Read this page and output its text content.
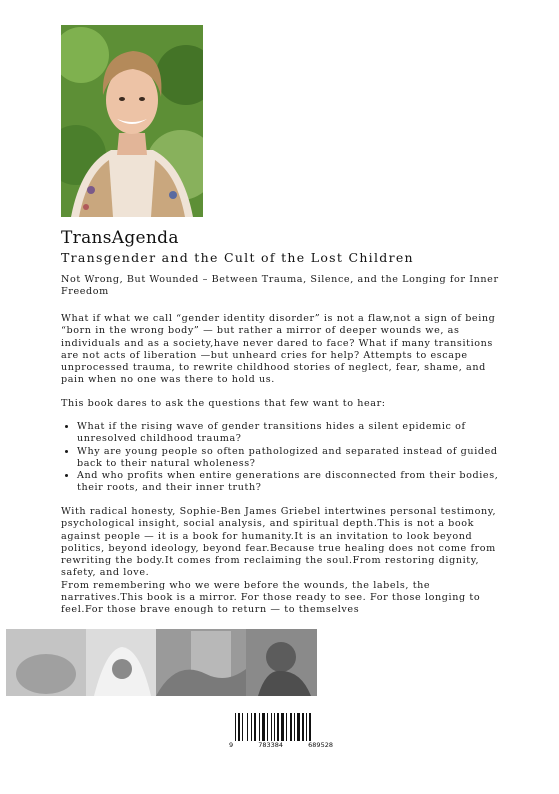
TransAgenda
Transgender and the Cult of the Lost Children
Not Wrong, But Wounded – Between Trauma, Silence, and the Longing for Inner Freedom
What if what we call “gender identity disorder” is not a flaw,not a sign of being “born in the wrong body” — but rather a mirror of deeper wounds we, as individuals and as a society,have never dared to face? What if many transitions are not acts of liberation —but unheard cries for help? Attempts to escape unprocessed trauma, to rewrite childhood stories of neglect, fear, shame, and pain when no one was there to hold us.
This book dares to ask the questions that few want to hear:
• What if the rising wave of gender transitions hides a silent epidemic of unresolved childhood trauma?
• Why are young people so often pathologized and separated instead of guided back to their natural wholeness?
• And who profits when entire generations are disconnected from their bodies, their roots, and their inner truth?
With radical honesty, Sophie-Ben James Griebel intertwines personal testimony, psychological insight, social analysis, and spiritual depth.This is not a book against people — it is a book for humanity.It is an invitation to look beyond politics, beyond ideology, beyond fear.Because true healing does not come from rewriting the body.It comes from reclaiming the soul.From restoring dignity, safety, and love.
From remembering who we were before the wounds, the labels, the narratives.This book is a mirror. For those ready to see. For those longing to feel.For those brave enough to return — to themselves
9	783384	689528
